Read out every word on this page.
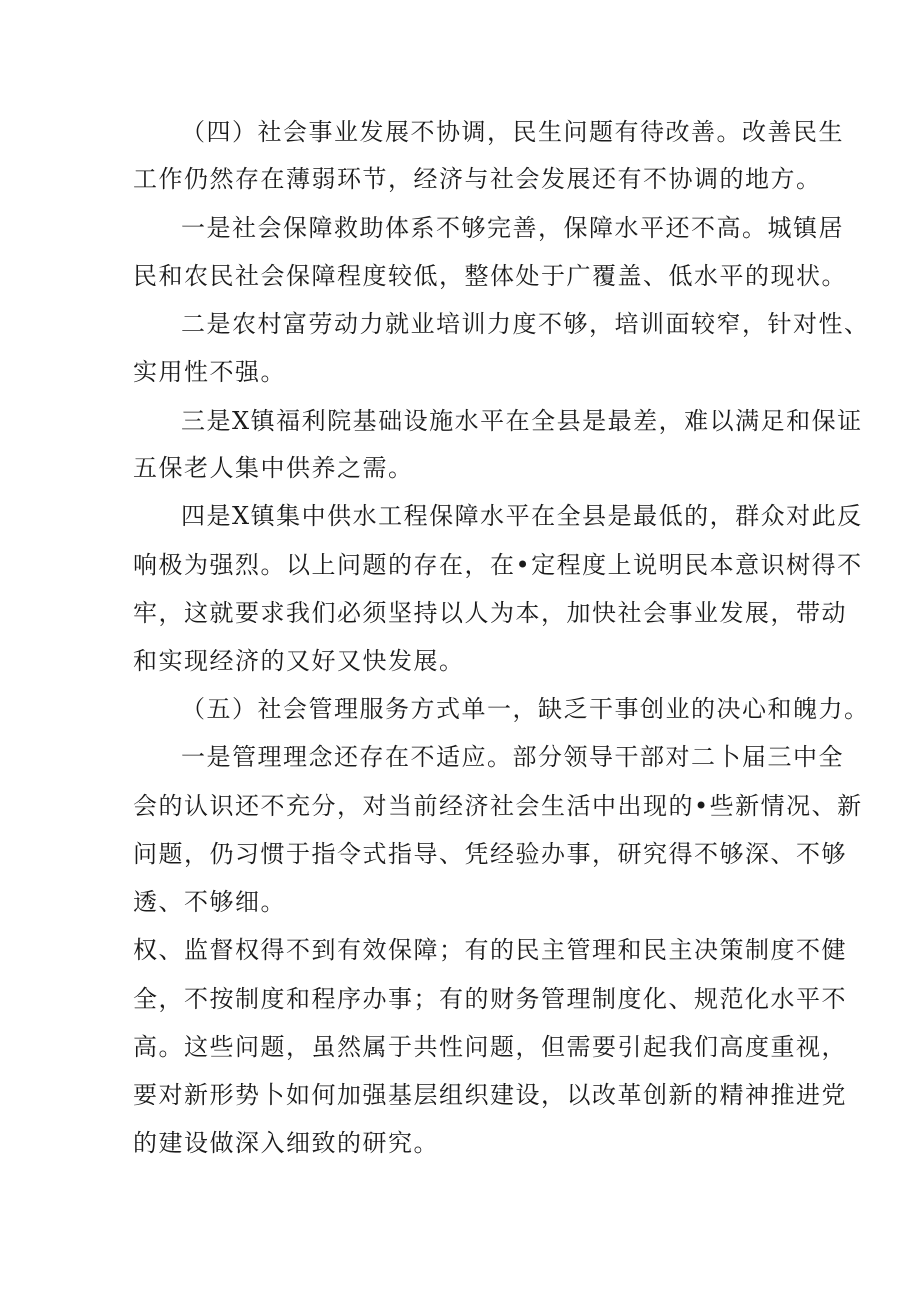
（四）社会事业发展不协调，民生问题有待改善。改善民生
工作仍然存在薄弱环节，经济与社会发展还有不协调的地方。
一是社会保障救助体系不够完善，保障水平还不高。城镇居
民和农民社会保障程度较低，整体处于广覆盖、低水平的现状。
二是农村富劳动力就业培训力度不够，培训面较窄，针对性、
实用性不强。
三是X镇福利院基础设施水平在全县是最差，难以满足和保证
五保老人集中供养之需。
四是X镇集中供水工程保障水平在全县是最低的，群众对此反
响极为强烈。以上问题的存在，在•定程度上说明民本意识树得不
牢，这就要求我们必须坚持以人为本，加快社会事业发展，带动
和实现经济的又好又快发展。
（五）社会管理服务方式单一，缺乏干事创业的决心和魄力。
一是管理理念还存在不适应。部分领导干部对二卜届三中全
会的认识还不充分，对当前经济社会生活中出现的•些新情况、新
问题，仍习惯于指令式指导、凭经验办事，研究得不够深、不够
透、不够细。
权、监督权得不到有效保障；有的民主管理和民主决策制度不健
全，不按制度和程序办事；有的财务管理制度化、规范化水平不
高。这些问题，虽然属于共性问题，但需要引起我们高度重视，
要对新形势卜如何加强基层组织建设，以改革创新的精神推进党
的建设做深入细致的研究。
